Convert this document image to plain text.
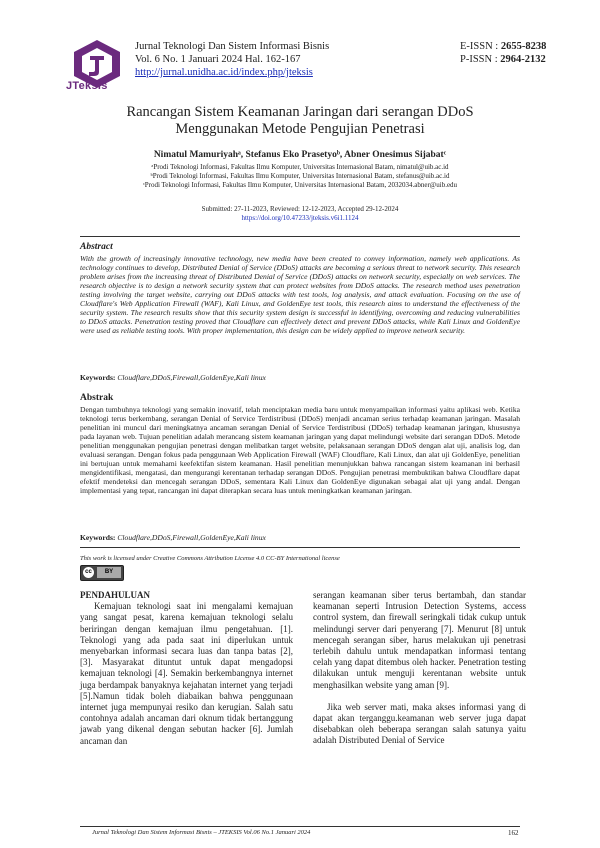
JTeksis
Jurnal Teknologi Dan Sistem Informasi Bisnis
Vol. 6 No. 1 Januari 2024 Hal. 162-167
http://jurnal.unidha.ac.id/index.php/jteksis
E-ISSN : 2655-8238
P-ISSN : 2964-2132
Rancangan Sistem Keamanan Jaringan dari serangan DDoS
Menggunakan Metode Pengujian Penetrasi
Nimatul Mamuriyahᵃ, Stefanus Eko Prasetyoᵇ, Abner Onesimus Sijabatᶜ
ᵃProdi Teknologi Informasi, Fakultas Ilmu Komputer, Universitas Internasional Batam, nimatul@uib.ac.id
ᵇProdi Teknologi Informasi, Fakultas Ilmu Komputer, Universitas Internasional Batam, stefanus@uib.ac.id
ᶜProdi Teknologi Informasi, Fakultas Ilmu Komputer, Universitas Internasional Batam, 2032034.abner@uib.edu
Submitted: 27-11-2023, Reviewed: 12-12-2023, Accepted 29-12-2024
https://doi.org/10.47233/jteksis.v6i1.1124
Abstract
With the growth of increasingly innovative technology, new media have been created to convey information, namely web applications. As technology continues to develop, Distributed Denial of Service (DDoS) attacks are becoming a serious threat to network security. This research problem arises from the increasing threat of Distributed Denial of Service (DDoS) attacks on network security, especially on web services. The research objective is to design a network security system that can protect websites from DDoS attacks. The research method uses penetration testing involving the target website, carrying out DDoS attacks with test tools, log analysis, and attack evaluation. Focusing on the use of Cloudflare's Web Application Firewall (WAF), Kali Linux, and GoldenEye test tools, this research aims to understand the effectiveness of the security system. The research results show that this security system design is successful in identifying, overcoming and reducing vulnerabilities to DDoS attacks. Penetration testing proved that Cloudflare can effectively detect and prevent DDoS attacks, while Kali Linux and GoldenEye were used as reliable testing tools. With proper implementation, this design can be widely applied to improve network security.
Keywords: Cloudflare,DDoS,Firewall,GoldenEye,Kali linux
Abstrak
Dengan tumbuhnya teknologi yang semakin inovatif, telah menciptakan media baru untuk menyampaikan informasi yaitu aplikasi web. Ketika teknologi terus berkembang, serangan Denial of Service Terdistribusi (DDoS) menjadi ancaman serius terhadap keamanan jaringan. Masalah penelitian ini muncul dari meningkatnya ancaman serangan Denial of Service Terdistribusi (DDoS) terhadap keamanan jaringan, khususnya pada layanan web. Tujuan penelitian adalah merancang sistem keamanan jaringan yang dapat melindungi website dari serangan DDoS. Metode penelitian menggunakan pengujian penetrasi dengan melibatkan target website, pelaksanaan serangan DDoS dengan alat uji, analisis log, dan evaluasi serangan. Dengan fokus pada penggunaan Web Application Firewall (WAF) Cloudflare, Kali Linux, dan alat uji GoldenEye, penelitian ini bertujuan untuk memahami keefektifan sistem keamanan. Hasil penelitian menunjukkan bahwa rancangan sistem keamanan ini berhasil mengidentifikasi, mengatasi, dan mengurangi kerentanan terhadap serangan DDoS. Pengujian penetrasi membuktikan bahwa Cloudflare dapat efektif mendeteksi dan mencegah serangan DDoS, sementara Kali Linux dan GoldenEye digunakan sebagai alat uji yang andal. Dengan implementasi yang tepat, rancangan ini dapat diterapkan secara luas untuk meningkatkan keamanan jaringan.
Keywords: Cloudflare,DDoS,Firewall,GoldenEye,Kali linux
This work is licensed under Creative Commons Attribution License 4.0 CC-BY International license
cc	BY

PENDAHULUAN

Kemajuan teknologi saat ini mengalami kemajuan yang sangat pesat, karena kemajuan teknologi selalu beriringan dengan kemajuan ilmu pengetahuan. [1]. Teknologi yang ada pada saat ini diperlukan untuk menyebarkan informasi secara luas dan tanpa batas [2], [3]. Masyarakat dituntut untuk dapat mengadopsi kemajuan teknologi [4]. Semakin berkembangnya internet juga berdampak banyaknya kejahatan internet yang terjadi [5].Namun tidak boleh diabaikan bahwa penggunaan internet juga mempunyai resiko dan kerugian. Salah satu contohnya adalah ancaman dari oknum tidak bertanggung jawab yang dikenal dengan sebutan hacker [6]. Jumlah ancaman dan

serangan keamanan siber terus bertambah, dan standar keamanan seperti Intrusion Detection Systems, access control system, dan firewall seringkali tidak cukup untuk melindungi server dari penyerang [7]. Menurut [8] untuk mencegah serangan siber, harus melakukan uji penetrasi terlebih dahulu untuk mendapatkan informasi tentang celah yang dapat ditembus oleh hacker. Penetration testing dilakukan untuk menguji kerentanan website untuk menghasilkan website yang aman [9].

Jika web server mati, maka akses informasi yang di dapat akan terganggu.keamanan web server juga dapat disebabkan oleh beberapa serangan salah satunya yaitu adalah Distributed Denial of Service

Jurnal Teknologi Dan Sistem Informasi Bisnis – JTEKSIS Vol.06 No.1 Januari 2024	162
